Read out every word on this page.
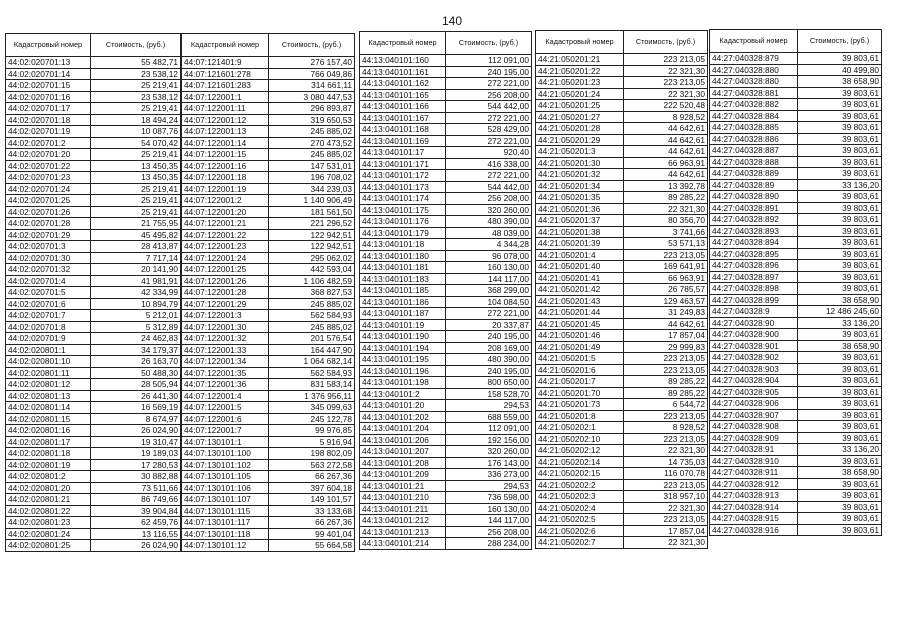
140
Кадастровый номер	Стоимость, (руб.)
44:02:020701:13	55 482,71
44:02:020701:14	23 538,12
44:02:020701:15	25 219,41
44:02:020701:16	23 538,12
44:02:020701:17	25 219,41
44:02:020701:18	18 494,24
44:02:020701:19	10 087,76
44:02:020701:2	54 070,42
44:02:020701:20	25 219,41
44:02:020701:22	13 450,35
44:02:020701:23	13 450,35
44:02:020701:24	25 219,41
44:02:020701:25	25 219,41
44:02:020701:26	25 219,41
44:02:020701:28	21 755,95
44:02:020701:29	45 495,82
44:02:020701:3	28 413,87
44:02:020701:30	7 717,14
44:02:020701:32	20 141,90
44:02:020701:4	41 981,91
44:02:020701:5	42 334,99
44:02:020701:6	10 894,79
44:02:020701:7	5 212,01
44:02:020701:8	5 312,89
44:02:020701:9	24 462,83
44:02:020801:1	34 179,37
44:02:020801:10	26 163,70
44:02:020801:11	50 488,30
44:02:020801:12	28 505,94
44:02:020801:13	26 441,30
44:02:020801:14	16 569,19
44:02:020801:15	8 674,97
44:02:020801:16	26 024,90
44:02:020801:17	19 310,47
44:02:020801:18	19 189,03
44:02:020801:19	17 280,53
44:02:020801:2	30 882,88
44:02:020801:20	73 511,66
44:02:020801:21	86 749,66
44:02:020801:22	39 904,84
44:02:020801:23	62 459,76
44:02:020801:24	13 116,55
44:02:020801:25	26 024,90
Кадастровый номер	Стоимость, (руб.)
44:07:121401:9	276 157,40
44:07:121601:278	766 049,86
44:07:121601:283	314 661,11
44:07:122001:1	3 080 447,53
44:07:122001:11	296 893,87
44:07:122001:12	319 650,53
44:07:122001:13	245 885,02
44:07:122001:14	270 473,52
44:07:122001:15	245 885,02
44:07:122001:16	147 531,01
44:07:122001:18	196 708,02
44:07:122001:19	344 239,03
44:07:122001:2	1 140 906,49
44:07:122001:20	181 561,50
44:07:122001:21	221 296,52
44:07:122001:22	122 942,51
44:07:122001:23	122 942,51
44:07:122001:24	295 062,02
44:07:122001:25	442 593,04
44:07:122001:26	1 106 482,59
44:07:122001:28	368 827,53
44:07:122001:29	245 885,02
44:07:122001:3	562 584,93
44:07:122001:30	245 885,02
44:07:122001:32	201 576,54
44:07:122001:33	164 447,90
44:07:122001:34	1 064 682,14
44:07:122001:35	562 584,93
44:07:122001:36	831 583,14
44:07:122001:4	1 376 956,11
44:07:122001:5	345 099,63
44:07:122001:6	245 122,78
44:07:122001:7	99 976,85
44:07:130101:1	5 916,94
44:07:130101:100	198 802,09
44:07:130101:102	563 272,58
44:07:130101:105	66 267,36
44:07:130101:106	397 604,18
44:07:130101:107	149 101,57
44:07:130101:115	33 133,68
44:07:130101:117	66 267,36
44:07:130101:118	99 401,04
44:07:130101:12	55 664,58
Кадастровый номер	Стоимость, (руб.)
44:13:040101:160	112 091,00
44:13:040101:161	240 195,00
44:13:040101:162	272 221,00
44:13:040101:165	256 208,00
44:13:040101:166	544 442,00
44:13:040101:167	272 221,00
44:13:040101:168	528 429,00
44:13:040101:169	272 221,00
44:13:040101:17	920,40
44:13:040101:171	416 338,00
44:13:040101:172	272 221,00
44:13:040101:173	544 442,00
44:13:040101:174	256 208,00
44:13:040101:175	320 260,00
44:13:040101:176	480 390,00
44:13:040101:179	48 039,00
44:13:040101:18	4 344,28
44:13:040101:180	96 078,00
44:13:040101:181	160 130,00
44:13:040101:183	144 117,00
44:13:040101:185	368 299,00
44:13:040101:186	104 084,50
44:13:040101:187	272 221,00
44:13:040101:19	20 337,87
44:13:040101:190	240 195,00
44:13:040101:194	208 169,00
44:13:040101:195	480 390,00
44:13:040101:196	240 195,00
44:13:040101:198	800 650,00
44:13:040101:2	158 528,70
44:13:040101:20	294,53
44:13:040101:202	688 559,00
44:13:040101:204	112 091,00
44:13:040101:206	192 156,00
44:13:040101:207	320 260,00
44:13:040101:208	176 143,00
44:13:040101:209	336 273,00
44:13:040101:21	294,53
44:13:040101:210	736 598,00
44:13:040101:211	160 130,00
44:13:040101:212	144 117,00
44:13:040101:213	256 208,00
44:13:040101:214	288 234,00
Кадастровый номер	Стоимость, (руб.)
44:21:050201:21	223 213,05
44:21:050201:22	22 321,30
44:21:050201:23	223 213,05
44:21:050201:24	22 321,30
44:21:050201:25	222 520,48
44:21:050201:27	8 928,52
44:21:050201:28	44 642,61
44:21:050201:29	44 642,61
44:21:050201:3	44 642,61
44:21:050201:30	66 963,91
44:21:050201:32	44 642,61
44:21:050201:34	13 392,78
44:21:050201:35	89 285,22
44:21:050201:36	22 321,30
44:21:050201:37	80 356,70
44:21:050201:38	3 741,66
44:21:050201:39	53 571,13
44:21:050201:4	223 213,05
44:21:050201:40	169 641,91
44:21:050201:41	66 963,91
44:21:050201:42	26 785,57
44:21:050201:43	129 463,57
44:21:050201:44	31 249,83
44:21:050201:45	44 642,61
44:21:050201:46	17 857,04
44:21:050201:49	29 999,83
44:21:050201:5	223 213,05
44:21:050201:6	223 213,05
44:21:050201:7	89 285,22
44:21:050201:70	89 285,22
44:21:050201:73	6 544,72
44:21:050201:8	223 213,05
44:21:050202:1	8 928,52
44:21:050202:10	223 213,05
44:21:050202:12	22 321,30
44:21:050202:14	14 735,03
44:21:050202:15	116 070,78
44:21:050202:2	223 213,05
44:21:050202:3	318 957,10
44:21:050202:4	22 321,30
44:21:050202:5	223 213,05
44:21:050202:6	17 857,04
44:21:050202:7	22 321,30
Кадастровый номер	Стоимость, (руб.)
44:27:040328:879	39 803,61
44:27:040328:880	40 499,80
44:27:040328:880	38 658,90
44:27:040328:881	39 803,61
44:27:040328:882	39 803,61
44:27:040328:884	39 803,61
44:27:040328:885	39 803,61
44:27:040328:886	39 803,61
44:27:040328:887	39 803,61
44:27:040328:888	39 803,61
44:27:040328:889	39 803,61
44:27:040328:89	33 136,20
44:27:040328:890	39 803,61
44:27:040328:891	39 803,61
44:27:040328:892	39 803,61
44:27:040328:893	39 803,61
44:27:040328:894	39 803,61
44:27:040328:895	39 803,61
44:27:040328:896	39 803,61
44:27:040328:897	39 803,61
44:27:040328:898	39 803,61
44:27:040328:899	38 658,90
44:27:040328:9	12 486 245,60
44:27:040328:90	33 136,20
44:27:040328:900	39 803,61
44:27:040328:901	38 658,90
44:27:040328:902	39 803,61
44:27:040328:903	39 803,61
44:27:040328:904	39 803,61
44:27:040328:905	39 803,61
44:27:040328:906	39 803,61
44:27:040328:907	39 803,61
44:27:040328:908	39 803,61
44:27:040328:909	39 803,61
44:27:040328:91	33 136,20
44:27:040328:910	39 803,61
44:27:040328:911	38 658,90
44:27:040328:912	39 803,61
44:27:040328:913	39 803,61
44:27:040328:914	39 803,61
44:27:040328:915	39 803,61
44:27:040328:916	39 803,61
